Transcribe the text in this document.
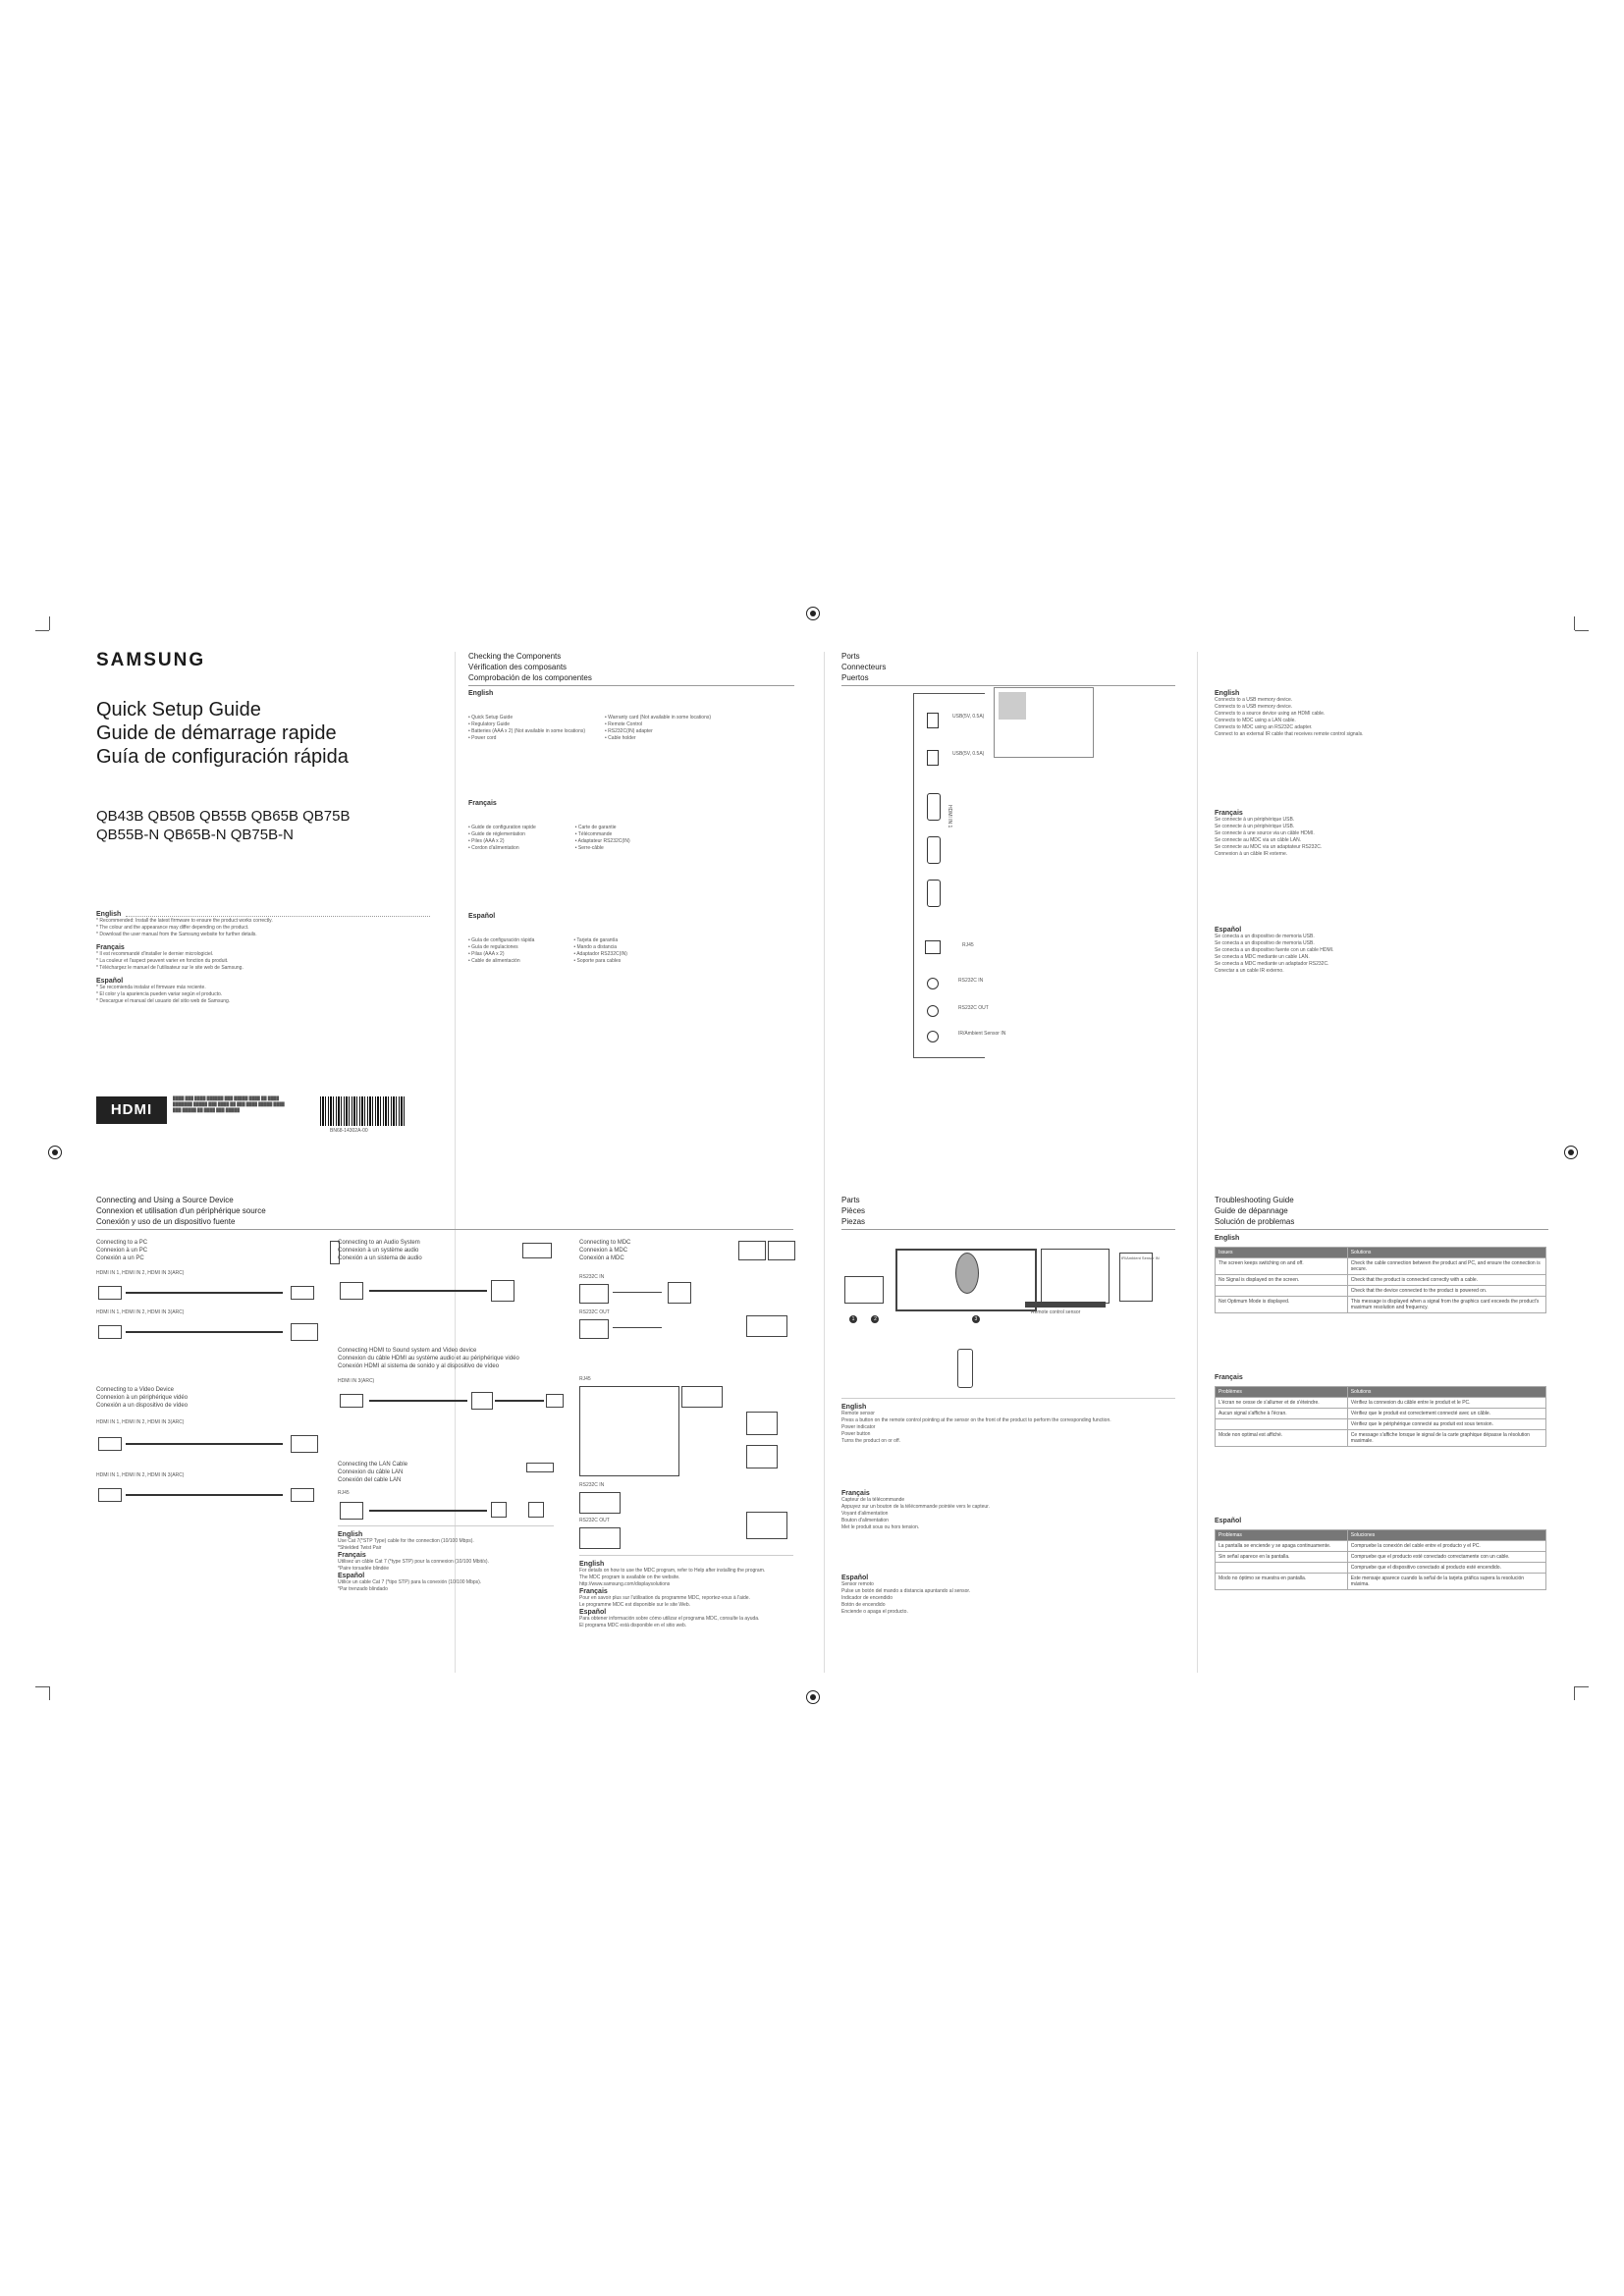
SAMSUNG
Quick Setup Guide
Guide de démarrage rapide
Guía de configuración rápida
QB43B QB50B QB55B QB65B QB75B
QB55B-N QB65B-N QB75B-N
English
* Recommended: Install the latest firmware to ensure the product works correctly.
* The colour and the appearance may differ depending on the product.
* Download the user manual from the Samsung website for further details.
Français
* Il est recommandé d'installer le dernier micrologiciel.
* La couleur et l'aspect peuvent varier en fonction du produit.
* Téléchargez le manuel de l'utilisateur sur le site web de Samsung.
Español
* Se recomienda instalar el firmware más reciente.
* El color y la apariencia pueden variar según el producto.
* Descargue el manual del usuario del sitio web de Samsung.
HDMI
████ ███ ████ ██████ ███ █████ ████ ██ ████ ███████ █████ ███ ████ ██ ███ ████ █████ ████ ███ █████ ██ ████ ███ █████
BN68-14302A-00
Checking the Components
Vérification des composants
Comprobación de los componentes
English
• Quick Setup Guide
• Regulatory Guide
• Batteries (AAA x 2) (Not available in some locations)
• Power cord
• Warranty card (Not available in some locations)
• Remote Control
• RS232C(IN) adapter
• Cable holder
Français
• Guide de configuration rapide
• Guide de réglementation
• Piles (AAA x 2)
• Cordon d'alimentation
• Carte de garantie
• Télécommande
• Adaptateur RS232C(IN)
• Serre-câble
Español
• Guía de configuración rápida
• Guía de regulaciones
• Pilas (AAA x 2)
• Cable de alimentación
• Tarjeta de garantía
• Mando a distancia
• Adaptador RS232C(IN)
• Soporte para cables
Ports
Connecteurs
Puertos
USB(5V, 0.5A)
USB(5V, 0.5A)
HDMI IN 1
RJ45
RS232C IN
RS232C OUT
IR/Ambient Sensor IN
English
Connects to a USB memory device.
Connects to a USB memory device.
Connects to a source device using an HDMI cable.
Connects to MDC using a LAN cable.
Connects to MDC using an RS232C adapter.
Connect to an external IR cable that receives remote control signals.
Français
Se connecte à un périphérique USB.
Se connecte à un périphérique USB.
Se connecte à une source via un câble HDMI.
Se connecte au MDC via un câble LAN.
Se connecte au MDC via un adaptateur RS232C.
Connexion à un câble IR externe.
Español
Se conecta a un dispositivo de memoria USB.
Se conecta a un dispositivo de memoria USB.
Se conecta a un dispositivo fuente con un cable HDMI.
Se conecta a MDC mediante un cable LAN.
Se conecta a MDC mediante un adaptador RS232C.
Conectar a un cable IR externo.
Connecting and Using a Source Device
Connexion et utilisation d'un périphérique source
Conexión y uso de un dispositivo fuente
Connecting to a PC
Connexion à un PC
Conexión a un PC
HDMI IN 1, HDMI IN 2, HDMI IN 3(ARC)
HDMI IN 1, HDMI IN 2, HDMI IN 3(ARC)
Connecting to a Video Device
Connexion à un périphérique vidéo
Conexión a un dispositivo de vídeo
HDMI IN 1, HDMI IN 2, HDMI IN 3(ARC)
HDMI IN 1, HDMI IN 2, HDMI IN 3(ARC)
Connecting to an Audio System
Connexion à un système audio
Conexión a un sistema de audio
Connecting HDMI to Sound system and Video device
Connexion du câble HDMI au système audio et au périphérique vidéo
Conexión HDMI al sistema de sonido y al dispositivo de vídeo
HDMI IN 3(ARC)
Connecting the LAN Cable
Connexion du câble LAN
Conexión del cable LAN
RJ45
English
Use Cat 7(*STP Type) cable for the connection (10/100 Mbps).
*Shielded Twist Pair
Français
Utilisez un câble Cat 7 (*type STP) pour la connexion (10/100 Mbit/s).
*Paire torsadée blindée
Español
Utilice un cable Cat 7 (*tipo STP) para la conexión (10/100 Mbps).
*Par trenzado blindado
Connecting to MDC
Connexion à MDC
Conexión a MDC
RS232C IN
RS232C OUT
RJ45
RS232C IN
RS232C OUT
English
For details on how to use the MDC program, refer to Help after installing the program.
The MDC program is available on the website.
http://www.samsung.com/displaysolutions
Français
Pour en savoir plus sur l'utilisation du programme MDC, reportez-vous à l'aide.
Le programme MDC est disponible sur le site Web.
Español
Para obtener información sobre cómo utilizar el programa MDC, consulte la ayuda.
El programa MDC está disponible en el sitio web.
Parts
Pièces
Piezas
IR/Ambient Sensor IN
Remote control sensor
1	2	3
English
Remote sensor
Press a button on the remote control pointing at the sensor on the front of the product to perform the corresponding function.
Power indicator
Power button
Turns the product on or off.
Français
Capteur de la télécommande
Appuyez sur un bouton de la télécommande pointée vers le capteur.
Voyant d'alimentation
Bouton d'alimentation
Met le produit sous ou hors tension.
Español
Sensor remoto
Pulse un botón del mando a distancia apuntando al sensor.
Indicador de encendido
Botón de encendido
Enciende o apaga el producto.
Troubleshooting Guide
Guide de dépannage
Solución de problemas
English
Issues	Solutions
The screen keeps switching on and off.	Check the cable connection between the product and PC, and ensure the connection is secure.
No Signal is displayed on the screen.	Check that the product is connected correctly with a cable.
	Check that the device connected to the product is powered on.
Not Optimum Mode is displayed.	This message is displayed when a signal from the graphics card exceeds the product's maximum resolution and frequency.
Français
Problèmes	Solutions
L'écran ne cesse de s'allumer et de s'éteindre.	Vérifiez la connexion du câble entre le produit et le PC.
Aucun signal s'affiche à l'écran.	Vérifiez que le produit est correctement connecté avec un câble.
	Vérifiez que le périphérique connecté au produit est sous tension.
Mode non optimal est affiché.	Ce message s'affiche lorsque le signal de la carte graphique dépasse la résolution maximale.
Español
Problemas	Soluciones
La pantalla se enciende y se apaga continuamente.	Compruebe la conexión del cable entre el producto y el PC.
Sin señal aparece en la pantalla.	Compruebe que el producto esté conectado correctamente con un cable.
	Compruebe que el dispositivo conectado al producto esté encendido.
Modo no óptimo se muestra en pantalla.	Este mensaje aparece cuando la señal de la tarjeta gráfica supera la resolución máxima.
